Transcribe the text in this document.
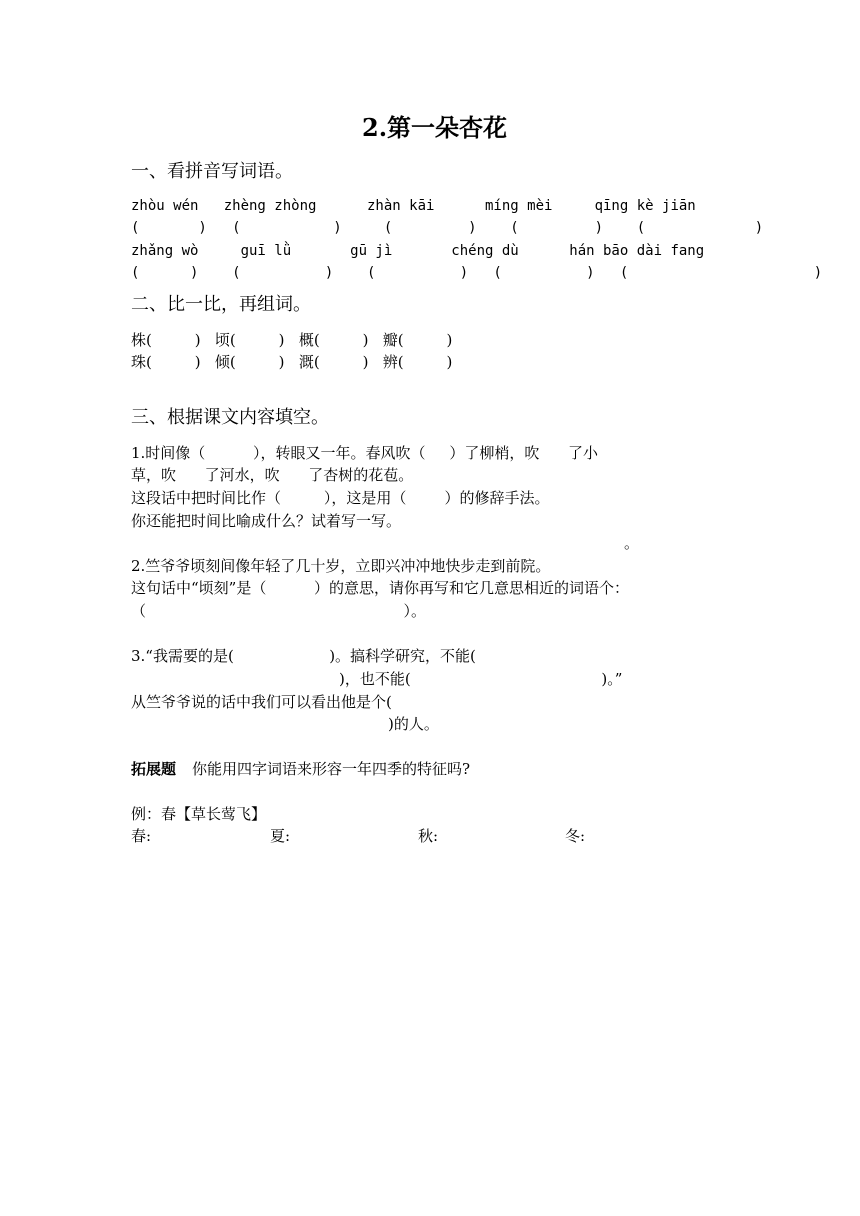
2.第一朵杏花
一、看拼音写词语。
zhòu wén   zhèng zhòng      zhàn kāi      míng mèi     qīng kè jiān
(       )   (           )     (         )    (         )    (             )
zhǎng wò     guī lǜ       gū jì       chéng dù      hán bāo dài fang
(      )    (          )    (          )   (          )   (                      )
二、比一比，再组词。
株(         )   顷(         )   概(         )   瓣(         )
珠(         )   倾(         )   溉(         )   辨(         )
三、根据课文内容填空。
1.时间像（          ），转眼又一年。春风吹（     ）了柳梢，吹      了小
草，吹      了河水，吹      了杏树的花苞。
这段话中把时间比作（         ），这是用（        ）的修辞手法。
你还能把时间比喻成什么？试着写一写。
。
2.竺爷爷顷刻间像年轻了几十岁，立即兴冲冲地快步走到前院。
这句话中“顷刻”是（          ）的意思，请你再写和它几意思相近的词语个：
（                                                      ）。
3.“我需要的是(                    )。搞科学研究，不能(
)，也不能(                                        )。”
从竺爷爷说的话中我们可以看出他是个(
)的人。
拓展题 你能用四字词语来形容一年四季的特征吗?
例：春【草长莺飞】
春:	夏:	秋:	冬:
